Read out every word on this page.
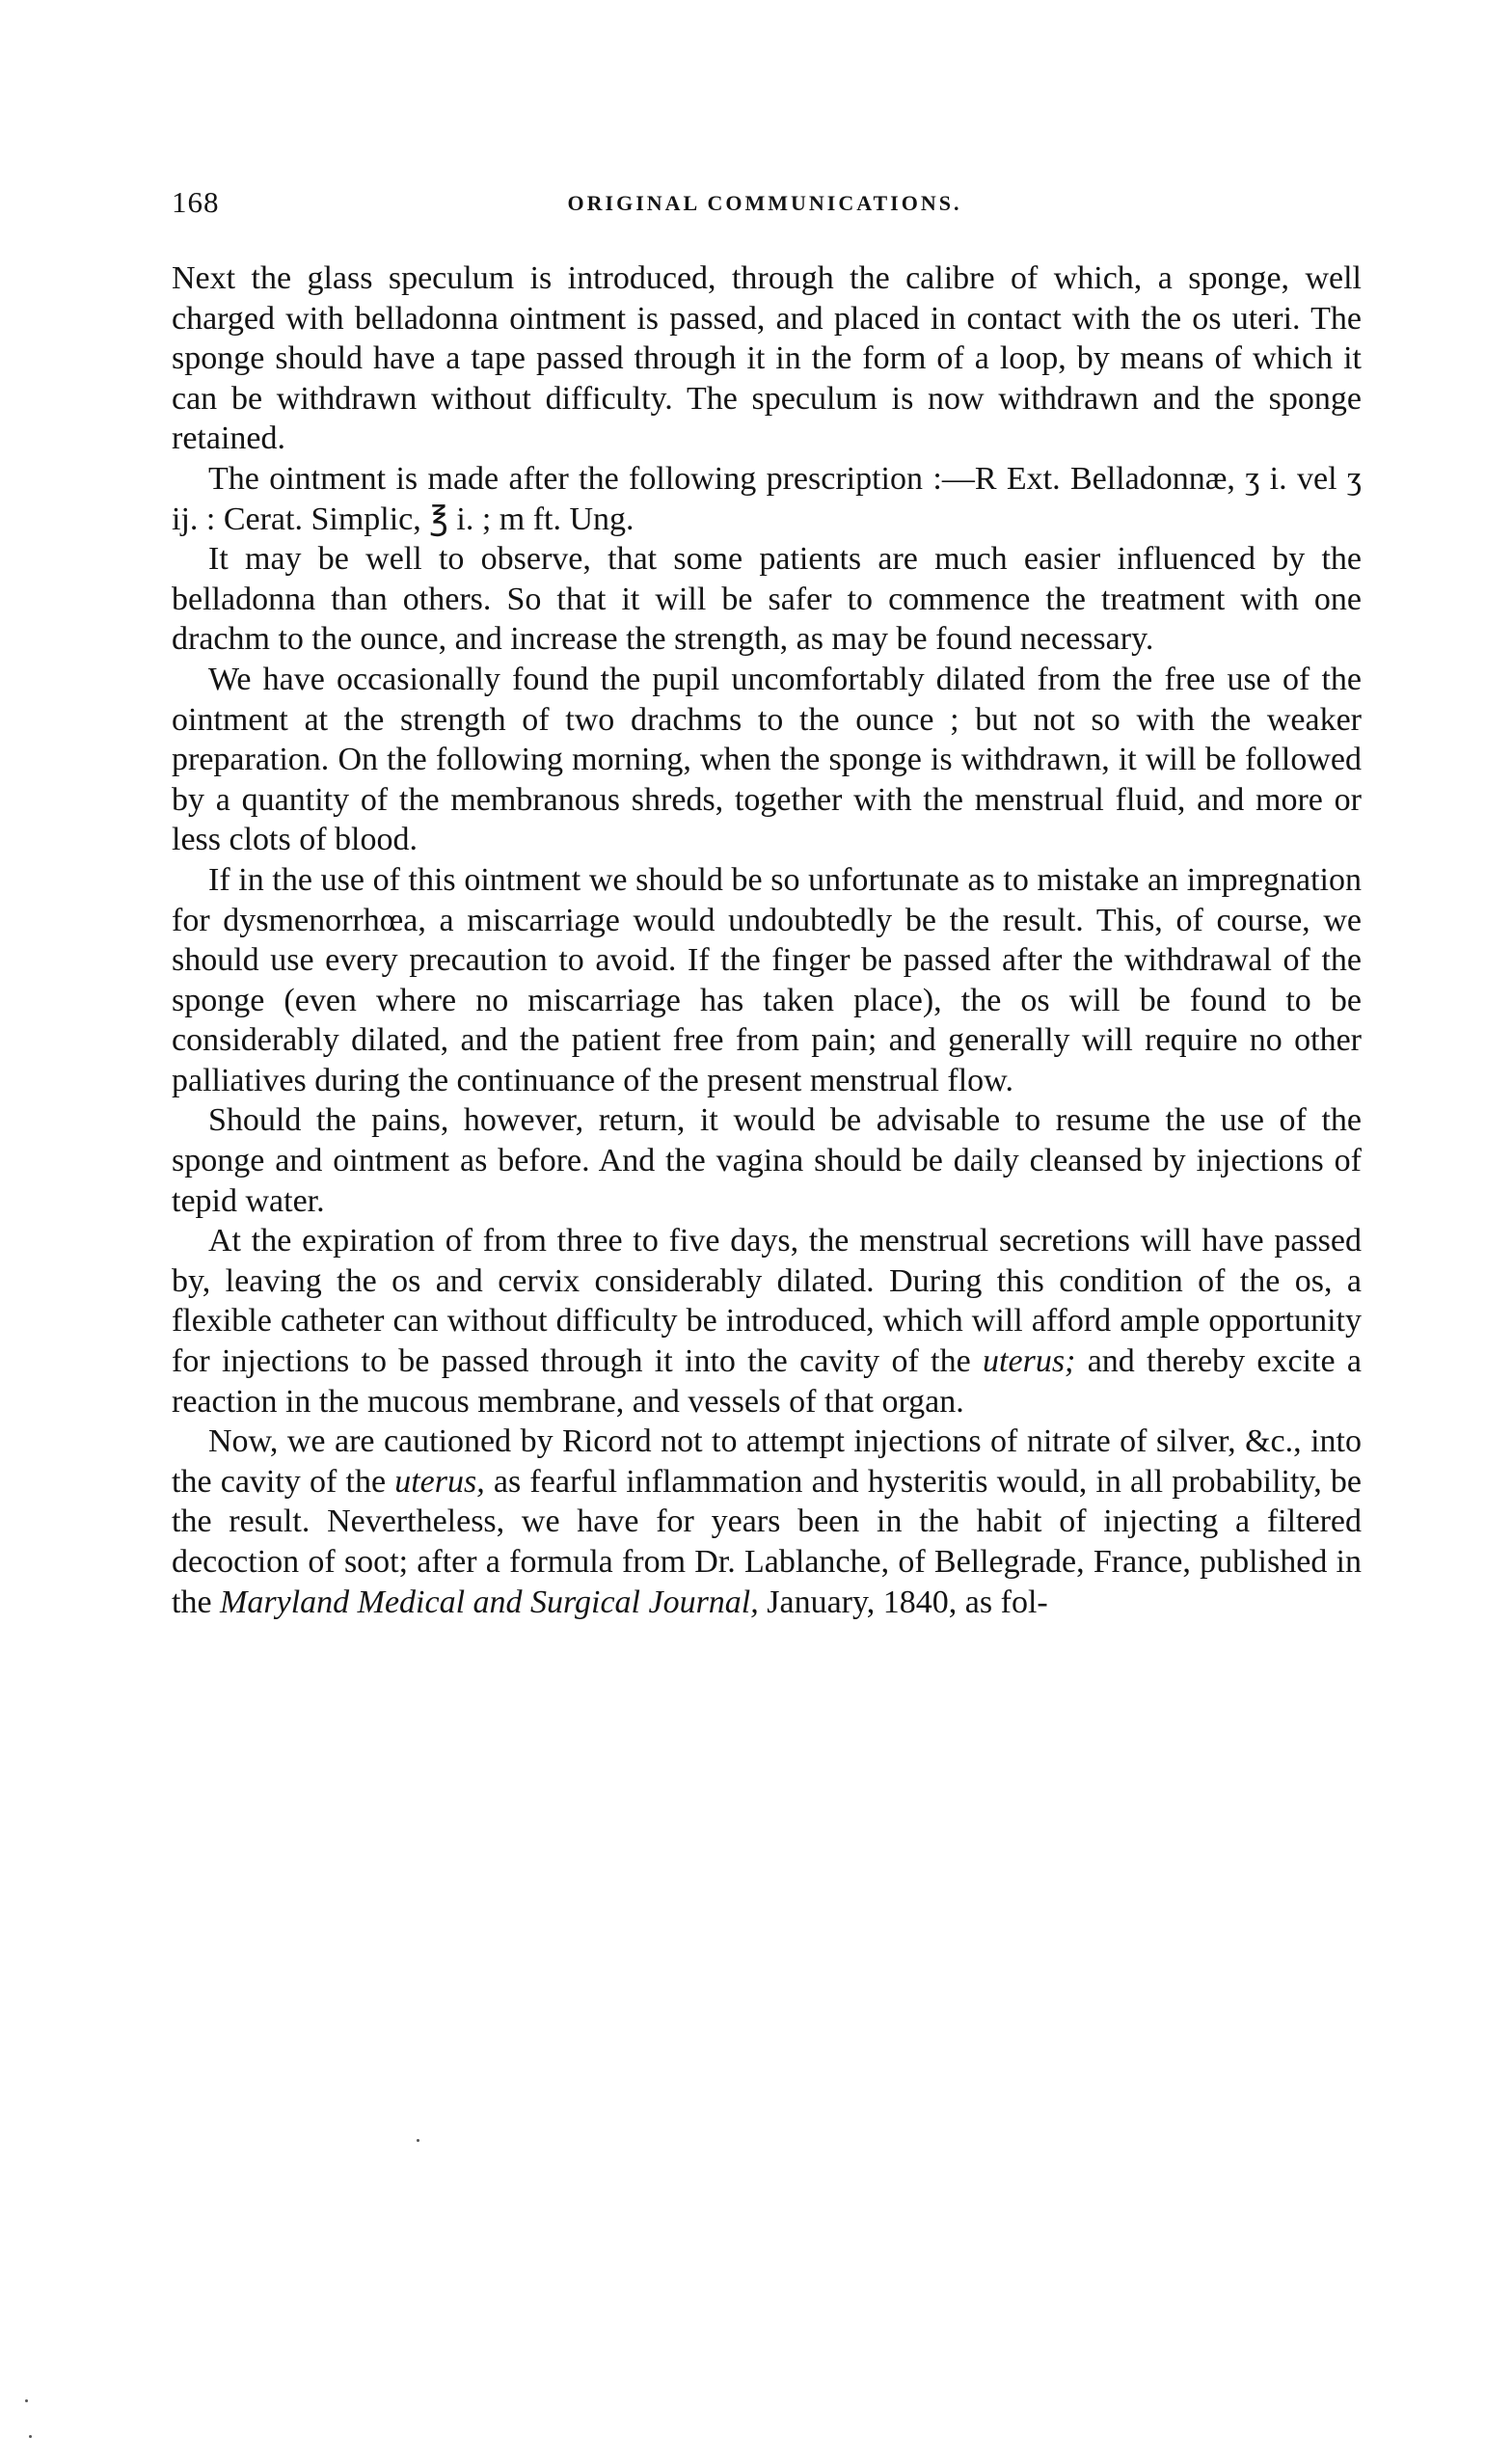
168	ORIGINAL COMMUNICATIONS.

Next the glass speculum is introduced, through the calibre of which, a sponge, well charged with belladonna ointment is passed, and placed in contact with the os uteri. The sponge should have a tape passed through it in the form of a loop, by means of which it can be withdrawn without difficulty. The speculum is now withdrawn and the sponge retained.

The ointment is made after the following prescription :—R Ext. Belladonnæ, ʒ i. vel ʒ ij. : Cerat. Simplic, ℥ i. ; m ft. Ung.

It may be well to observe, that some patients are much easier influenced by the belladonna than others. So that it will be safer to commence the treatment with one drachm to the ounce, and increase the strength, as may be found necessary.

We have occasionally found the pupil uncomfortably dilated from the free use of the ointment at the strength of two drachms to the ounce ; but not so with the weaker preparation. On the following morning, when the sponge is withdrawn, it will be followed by a quantity of the membranous shreds, together with the menstrual fluid, and more or less clots of blood.

If in the use of this ointment we should be so unfortunate as to mistake an impregnation for dysmenorrhœa, a miscarriage would undoubtedly be the result. This, of course, we should use every precaution to avoid. If the finger be passed after the withdrawal of the sponge (even where no miscarriage has taken place), the os will be found to be considerably dilated, and the patient free from pain; and generally will require no other palliatives during the continuance of the present menstrual flow.

Should the pains, however, return, it would be advisable to resume the use of the sponge and ointment as before. And the vagina should be daily cleansed by injections of tepid water.

At the expiration of from three to five days, the menstrual secretions will have passed by, leaving the os and cervix considerably dilated. During this condition of the os, a flexible catheter can without difficulty be introduced, which will afford ample opportunity for injections to be passed through it into the cavity of the uterus; and thereby excite a reaction in the mucous membrane, and vessels of that organ.

Now, we are cautioned by Ricord not to attempt injections of nitrate of silver, &c., into the cavity of the uterus, as fearful inflammation and hysteritis would, in all probability, be the result. Nevertheless, we have for years been in the habit of injecting a filtered decoction of soot; after a formula from Dr. Lablanche, of Bellegrade, France, published in the Maryland Medical and Surgical Journal, January, 1840, as fol-
